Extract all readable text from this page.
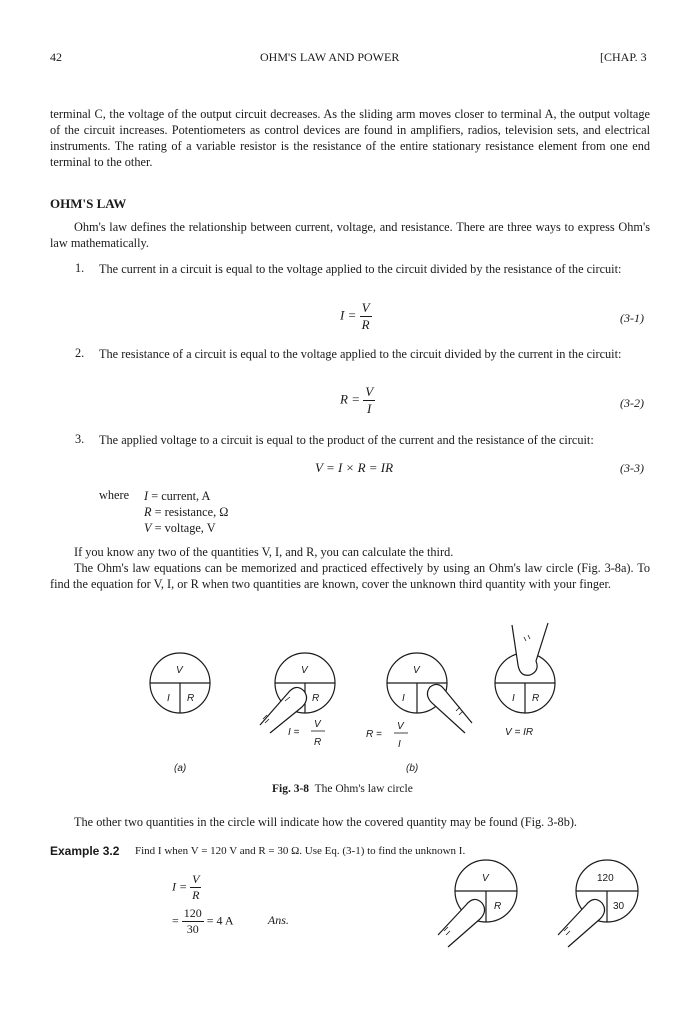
42	OHM'S LAW AND POWER	[CHAP. 3

terminal C, the voltage of the output circuit decreases. As the sliding arm moves closer to terminal A, the output voltage of the circuit increases. Potentiometers as control devices are found in amplifiers, radios, television sets, and electrical instruments. The rating of a variable resistor is the resistance of the entire stationary resistance element from one end terminal to the other.

OHM'S LAW

Ohm's law defines the relationship between current, voltage, and resistance. There are three ways to express Ohm's law mathematically.

1. The current in a circuit is equal to the voltage applied to the circuit divided by the resistance of the circuit:

$I = \frac{V}{R}$	(3-1)
2. The resistance of a circuit is equal to the voltage applied to the circuit divided by the current in the circuit:

$R = \frac{V}{I}$	(3-2)
3. The applied voltage to a circuit is equal to the product of the current and the resistance of the circuit:

V = I × R = IR	(3-3)
where I = current, A
R = resistance, Ω
V = voltage, V

If you know any two of the quantities V, I, and R, you can calculate the third.

The Ohm's law equations can be memorized and practiced effectively by using an Ohm's law circle (Fig. 3-8a). To find the equation for V, I, or R when two quantities are known, cover the unknown third quantity with your finger.

V
I R
V
R
V
I	I R
I =
V
R
R =
V
I
V = IR
(a)	(b)
Fig. 3-8 The Ohm's law circle

The other two quantities in the circle will indicate how the covered quantity may be found (Fig. 3-8b).

Example 3.2 Find I when V = 120 V and R = 30 Ω. Use Eq. (3-1) to find the unknown I.
$I = \frac{V}{R}$
= $\frac{120}{30} = 4$ A	Ans.
V
R
120
30
